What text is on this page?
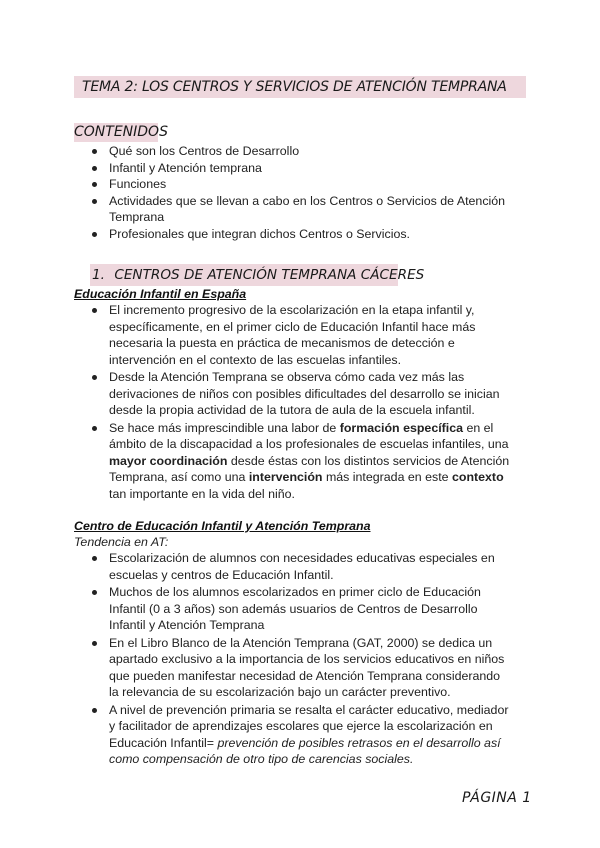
TEMA 2: LOS CENTROS Y SERVICIOS DE ATENCIÓN TEMPRANA
CONTENIDOS
Qué son los Centros de Desarrollo
Infantil y Atención temprana
Funciones
Actividades que se llevan a cabo en los Centros o Servicios de Atención Temprana
Profesionales que integran dichos Centros o Servicios.
1. CENTROS DE ATENCIÓN TEMPRANA CÁCERES
Educación Infantil en España
El incremento progresivo de la escolarización en la etapa infantil y, específicamente, en el primer ciclo de Educación Infantil hace más necesaria la puesta en práctica de mecanismos de detección e intervención en el contexto de las escuelas infantiles.
Desde la Atención Temprana se observa cómo cada vez más las derivaciones de niños con posibles dificultades del desarrollo se inician desde la propia actividad de la tutora de aula de la escuela infantil.
Se hace más imprescindible una labor de formación específica en el ámbito de la discapacidad a los profesionales de escuelas infantiles, una mayor coordinación desde éstas con los distintos servicios de Atención Temprana, así como una intervención más integrada en este contexto tan importante en la vida del niño.
Centro de Educación Infantil y Atención Temprana
Tendencia en AT:
Escolarización de alumnos con necesidades educativas especiales en escuelas y centros de Educación Infantil.
Muchos de los alumnos escolarizados en primer ciclo de Educación Infantil (0 a 3 años) son además usuarios de Centros de Desarrollo Infantil y Atención Temprana
En el Libro Blanco de la Atención Temprana (GAT, 2000) se dedica un apartado exclusivo a la importancia de los servicios educativos en niños que pueden manifestar necesidad de Atención Temprana considerando la relevancia de su escolarización bajo un carácter preventivo.
A nivel de prevención primaria se resalta el carácter educativo, mediador y facilitador de aprendizajes escolares que ejerce la escolarización en Educación Infantil= prevención de posibles retrasos en el desarrollo así como compensación de otro tipo de carencias sociales.
PÁGINA 1
